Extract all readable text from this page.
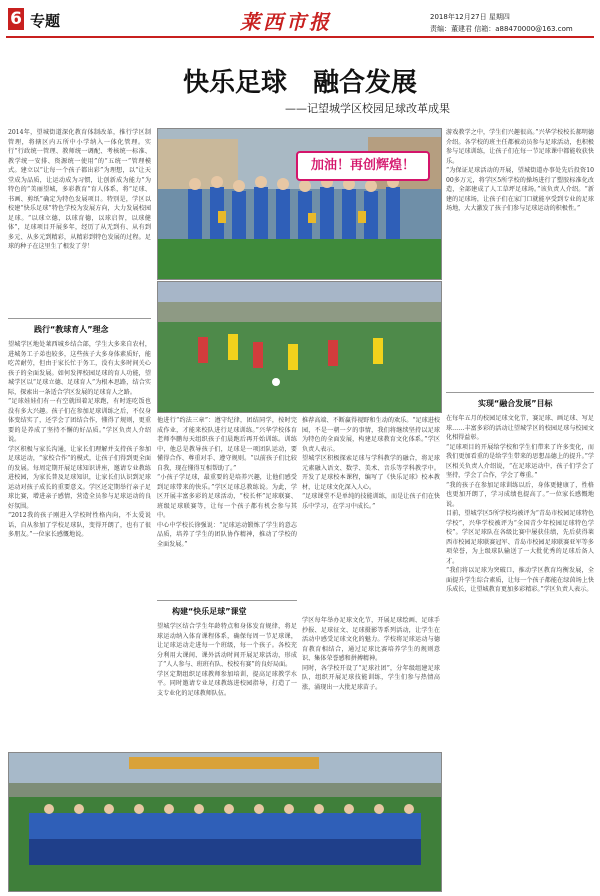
6 专题	莱西市报	2018年12月27日 星期四
责编：董建君 信箱：a88470000@163.com
快乐足球　融合发展
——记望城学区校园足球改革成果
2014年，望城街道深化教育体制改革，推行学区制管理，将辖区内五所中小学纳入一体化管理。实行“行政统一管理、教师统一调配、考核统一标准、教学统一安排、资源统一使用”的“五统一”管理模式。建立以“让每一个孩子都出彩”为理想，以“让天堂成为品质，让运动成为习惯，让创新成为能力”为特色的“美丽望城，多彩教育”育人体系，将“足球、书画、剪纸”确定为特色发展项目。特别是，学区以校建“快乐足球”特色学校为发展方向，大力发展校园足球。“以球立德，以球育德，以球启智，以球健体”，足球项目开展多年，经历了从无到有、从有到多元、从多元到精彩，从精彩到特色发展的过程。足球的种子在这里生了根发了芽！
践行“教球育人”理念
望城学区地处莱西城乡结合部，学生大多来自农村，进城务工子弟也较多，这些孩子大多身体素质好，能吃苦耐劳，但由于家长忙于务工，没有太多时间关心孩子的全面发展。如何发挥校园足球的育人功能，望城学区以“足球立德、足球育人”为根本思路，结合实际，探索出一条适合学区发展的足球育人之路。
“足球娃娃们有一有空就围着足球跑，有时连吃饭也没有多大兴趣。孩子们在参加足球训练之后，不仅身体变结实了，还学会了团结合作，懂得了规则，更重要的是养成了坚持不懈的好品质。”学区负责人介绍说。
学区积极与家长沟通，让家长们理解并支持孩子参加足球运动，“家校合作”的模式，让孩子们得到更全面的发展。每周定期开展足球知识讲座，邀请专业教练进校园，为家长普及足球知识，让家长们认识到足球运动对孩子成长的重要意义。学区还定期举行亲子足球比赛，增进亲子感情，营造全员参与足球运动的良好氛围。
“2012我的孩子刚进入学校时性格内向，不太爱说话，自从参加了学校足球队，变得开朗了，也有了很多朋友。”一位家长感慨地说。
加油！再创辉煌！
游戏教学之中，学生们兴趣很高。”兴华学校校长郝明德介绍。各学校的班主任都被动员参与足球活动，也积极参与足球训练，让孩子们在每一节足球课中都能收获快乐。
“为保证足球活动的开展，望城街道办事处先后投资1000多万元，将学区5所学校的操场进行了塑胶标准化改造，全部建成了人工草坪足球场。”该负责人介绍。“新建的足球场，让孩子们在家门口就能享受到专业的足球场地，大大激发了孩子们参与足球运动的积极性。”
实现“融合发展”目标
在每年五月的校园足球文化节，赛足球、画足球、写足球……丰富多彩的活动让望城学区的校园足球与校园文化相得益彰。
“足球项目的开展给学校和学生们带来了许多变化，而我们更加看重的是给学生带来的思想品德上的提升。”学区相关负责人介绍说，“在足球运动中，孩子们学会了坚持，学会了合作，学会了尊重。”
“我的孩子在参加足球训练以后，身体更健康了，性格也更加开朗了，学习成绩也提高了。”一位家长感慨地说。
目前，望城学区5所学校均被评为“青岛市校园足球特色学校”，兴华学校被评为“全国青少年校园足球特色学校”。学区足球队在各级比赛中屡获佳绩，先后获得莱西市校园足球联赛冠军、青岛市校园足球联赛亚军等多项荣誉，为上级球队输送了一大批优秀的足球后备人才。
“我们将以足球为突破口，推动学区教育均衡发展，全面提升学生综合素质，让每一个孩子都能在绿茵场上快乐成长，让望城教育更加多彩精彩。”学区负责人表示。
他进行“约法三章”：遵守纪律，团结同学，按时完成作业，才能来校队进行足球训练。”兴华学校体育老师李鹏每天组织孩子们晨跑后再开始训练。训练中，他总是教导孩子们，足球是一项团队运动，要懂得合作、尊重对手、遵守规则。“以前孩子们比较自我，现在懂得互相帮助了。”
“小孩子学足球，最重要的是培养兴趣，让他们感受到足球带来的快乐。”学区足球总教练说。为此，学区开展丰富多彩的足球活动，“校长杯”足球联赛、班级足球联赛等，让每一个孩子都有机会参与其中。
中心中学校长徐强说：“足球运动锻炼了学生的意志品质，培养了学生的团队协作精神，推动了学校的全面发展。”
构建“快乐足球”课堂
望城学区结合学生年龄特点和身体发育规律，将足球运动纳入体育课程体系，确保每周一节足球课，让足球运动走进每一个班级，每一个孩子。各校充分利用大课间、课外活动时间开展足球活动，形成了“人人参与、班班有队、校校有赛”的良好局面。
学区定期组织足球教师参加培训，提高足球教学水平。同时邀请专业足球教练进校园指导，打造了一支专业化的足球教师队伍。
推荐高端、不断赢得视野和生动的欢乐。“足球进校园，不是一朝一夕的事情，我们将继续坚持以足球为特色的全面发展，构建足球教育文化体系。”学区负责人表示。
望城学区积极探索足球与学科教学的融合，将足球元素融入语文、数学、美术、音乐等学科教学中。开发了足球校本课程，编写了《快乐足球》校本教材，让足球文化深入人心。
“足球课堂不是单纯的技能训练，而是让孩子们在快乐中学习，在学习中成长。”
学区每年举办足球文化节，开展足球绘画、足球手抄报、足球征文、足球摄影等系列活动，让学生在活动中感受足球文化的魅力。学校将足球运动与德育教育相结合，通过足球比赛培养学生的规则意识、集体荣誉感和拼搏精神。
同时，各学校开设了“足球社团”，分年级组建足球队，组织开展足球技能训练，学生们参与热情高涨，涌现出一大批足球苗子。
